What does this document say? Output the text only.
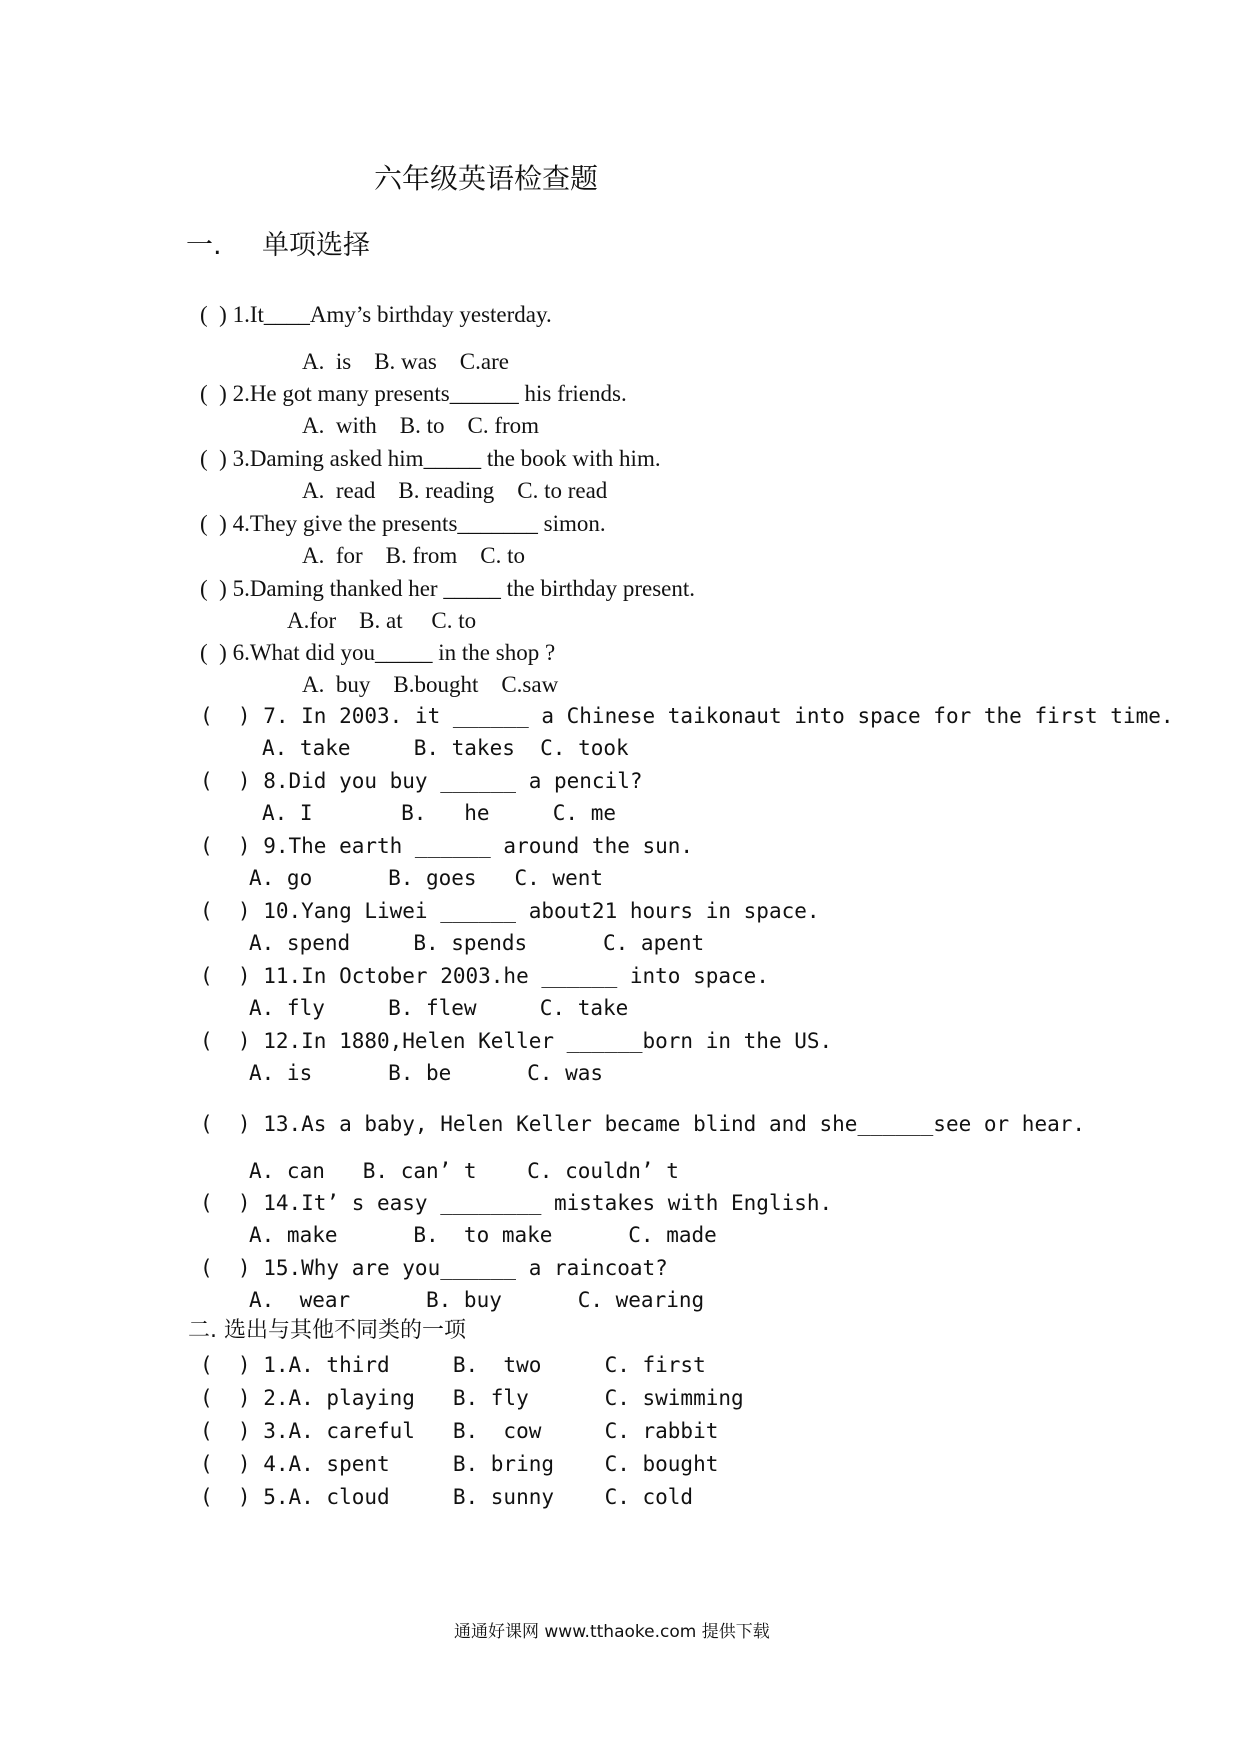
六年级英语检查题
一. 单项选择
(  ) 1.It____Amy’s birthday yesterday.
A.  is    B. was    C.are
(  ) 2.He got many presents______ his friends.
A.  with    B. to    C. from
(  ) 3.Daming asked him_____ the book with him.
A.  read    B. reading    C. to read
(  ) 4.They give the presents_______ simon.
A.  for    B. from    C. to
(  ) 5.Daming thanked her _____ the birthday present.
A.for    B. at     C. to
(  ) 6.What did you_____ in the shop ?
A.  buy    B.bought    C.saw
(  ) 7. In 2003. it ______ a Chinese taikonaut into space for the first time.
A. take     B. takes  C. took
(  ) 8.Did you buy ______ a pencil?
A. I       B.   he     C. me
(  ) 9.The earth ______ around the sun.
A. go      B. goes   C. went
(  ) 10.Yang Liwei ______ about21 hours in space.
A. spend     B. spends      C. apent
(  ) 11.In October 2003.he ______ into space.
A. fly     B. flew     C. take
(  ) 12.In 1880,Helen Keller ______born in the US.
A. is      B. be      C. was
(  ) 13.As a baby, Helen Keller became blind and she______see or hear.
A. can   B. can’ t    C. couldn’ t
(  ) 14.It’ s easy ________ mistakes with English.
A. make      B.  to make      C. made
(  ) 15.Why are you______ a raincoat?
A.  wear      B. buy      C. wearing
二. 选出与其他不同类的一项
(  ) 1.A. third     B.  two     C. first
(  ) 2.A. playing   B. fly      C. swimming
(  ) 3.A. careful   B.  cow     C. rabbit
(  ) 4.A. spent     B. bring    C. bought
(  ) 5.A. cloud     B. sunny    C. cold
通通好课网 www.tthaoke.com 提供下载
